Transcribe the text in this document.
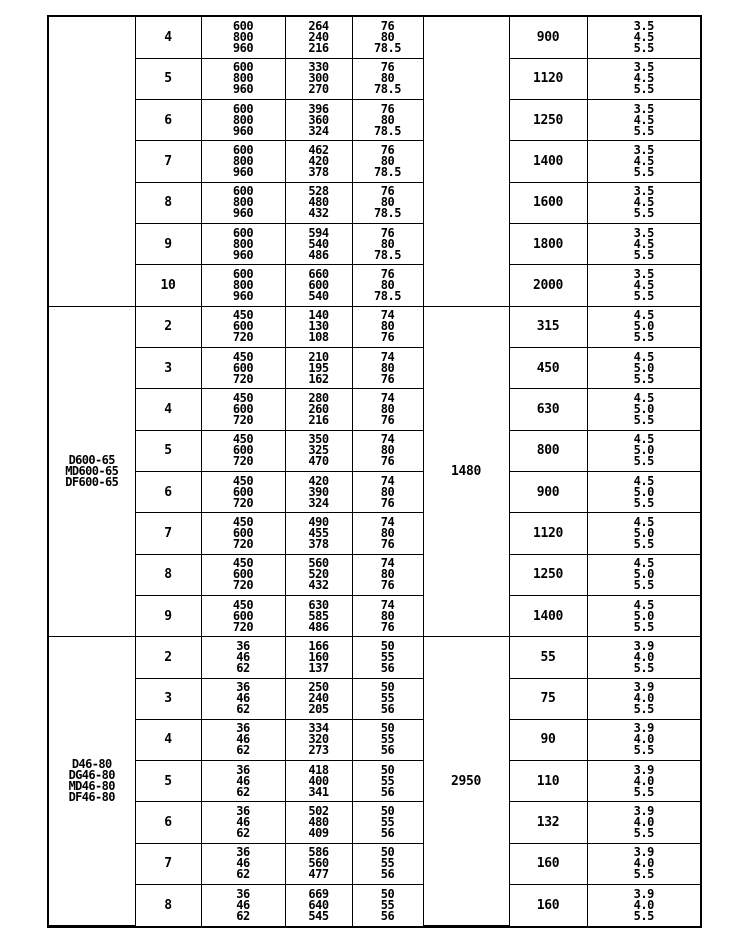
	4	600
800
960	264
240
216	76
80
78.5		900	3.5
4.5
5.5

	5	600
800
960	330
300
270	76
80
78.5		1120	3.5
4.5
5.5

	6	600
800
960	396
360
324	76
80
78.5		1250	3.5
4.5
5.5

	7	600
800
960	462
420
378	76
80
78.5		1400	3.5
4.5
5.5

	8	600
800
960	528
480
432	76
80
78.5		1600	3.5
4.5
5.5

	9	600
800
960	594
540
486	76
80
78.5		1800	3.5
4.5
5.5

	10	600
800
960	660
600
540	76
80
78.5		2000	3.5
4.5
5.5

D600-65
MD600-65
DF600-65	2	450
600
720	140
130
108	74
80
76	1480	315	4.5
5.0
5.5

	3	450
600
720	210
195
162	74
80
76		450	4.5
5.0
5.5

	4	450
600
720	280
260
216	74
80
76		630	4.5
5.0
5.5

	5	450
600
720	350
325
470	74
80
76		800	4.5
5.0
5.5

	6	450
600
720	420
390
324	74
80
76		900	4.5
5.0
5.5

	7	450
600
720	490
455
378	74
80
76		1120	4.5
5.0
5.5

	8	450
600
720	560
520
432	74
80
76		1250	4.5
5.0
5.5

	9	450
600
720	630
585
486	74
80
76		1400	4.5
5.0
5.5

D46-80
DG46-80
MD46-80
DF46-80	2	36
46
62	166
160
137	50
55
56	2950	55	3.9
4.0
5.5

	3	36
46
62	250
240
205	50
55
56		75	3.9
4.0
5.5

	4	36
46
62	334
320
273	50
55
56		90	3.9
4.0
5.5

	5	36
46
62	418
400
341	50
55
56		110	3.9
4.0
5.5

	6	36
46
62	502
480
409	50
55
56		132	3.9
4.0
5.5

	7	36
46
62	586
560
477	50
55
56		160	3.9
4.0
5.5

	8	36
46
62	669
640
545	50
55
56		160	3.9
4.0
5.5
